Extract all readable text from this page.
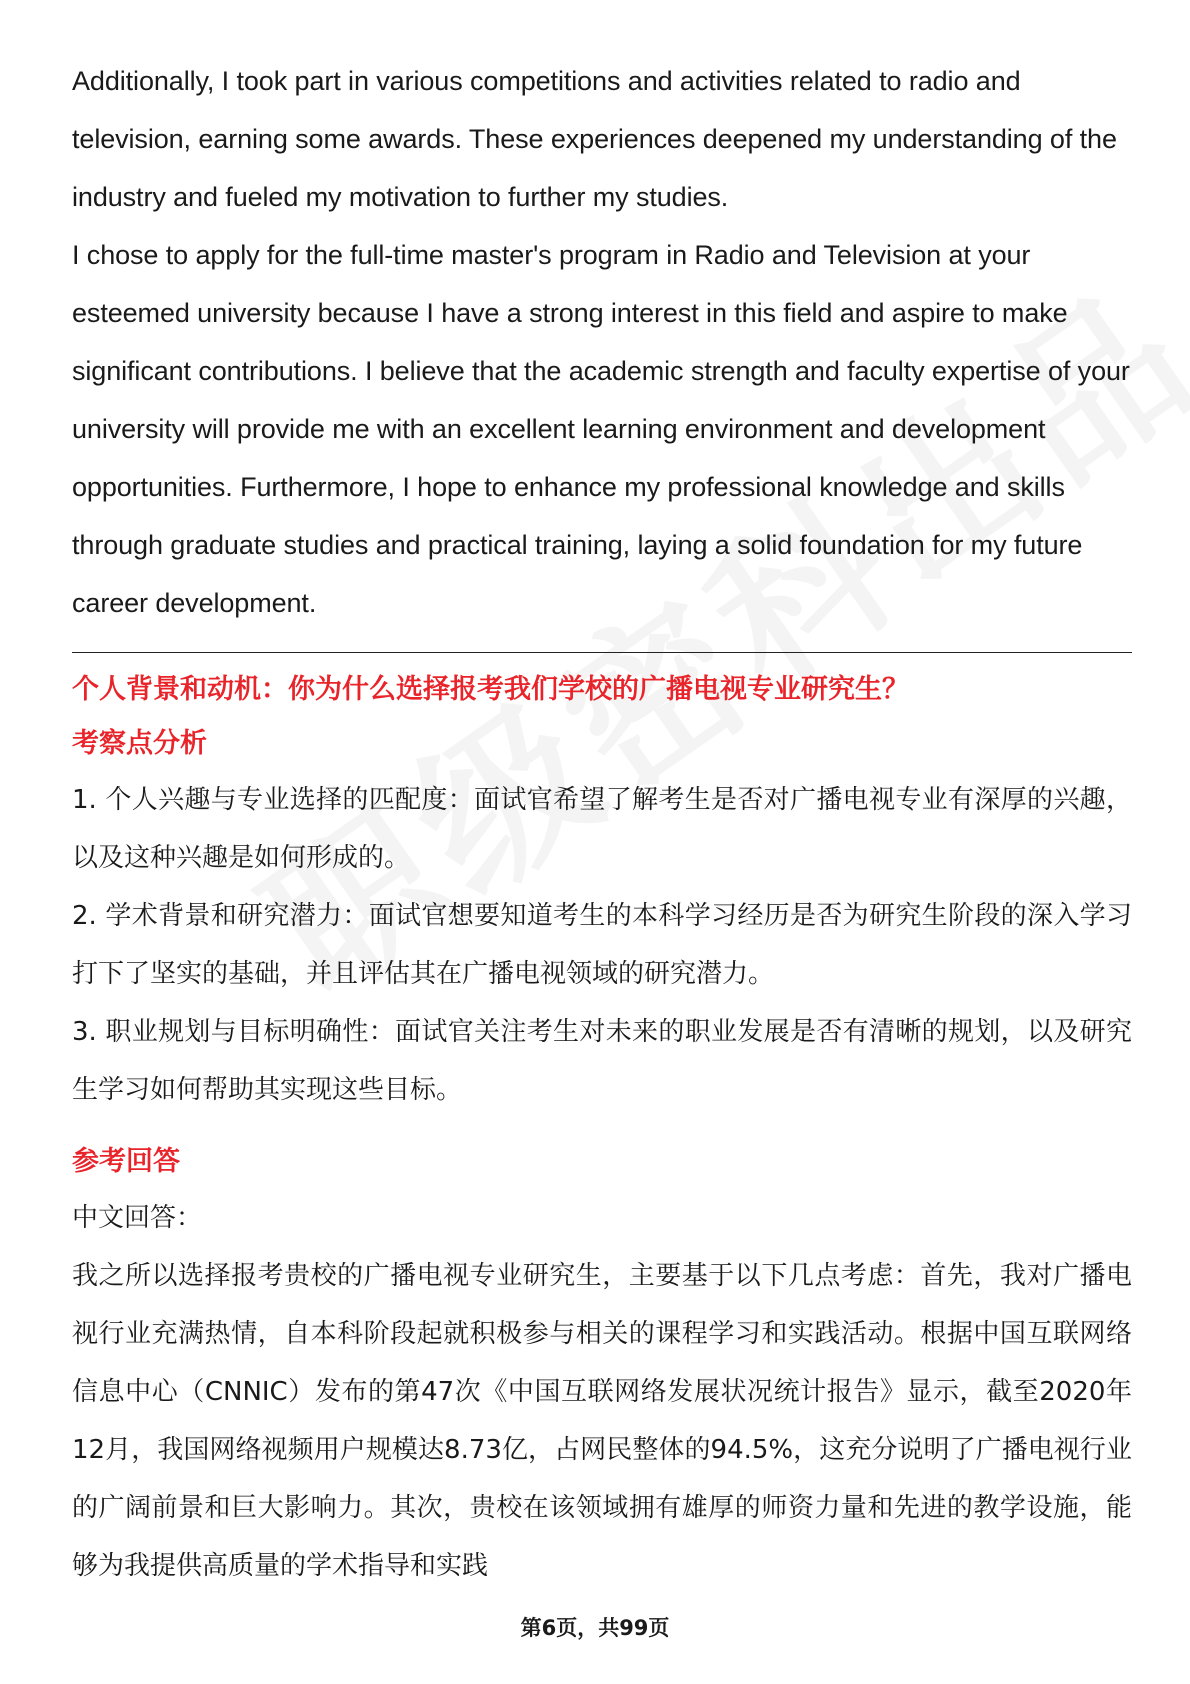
Additionally, I took part in various competitions and activities related to radio and television, earning some awards. These experiences deepened my understanding of the industry and fueled my motivation to further my studies.

I chose to apply for the full-time master's program in Radio and Television at your esteemed university because I have a strong interest in this field and aspire to make significant contributions. I believe that the academic strength and faculty expertise of your university will provide me with an excellent learning environment and development opportunities. Furthermore, I hope to enhance my professional knowledge and skills through graduate studies and practical training, laying a solid foundation for my future career development.

个人背景和动机：你为什么选择报考我们学校的广播电视专业研究生？

考察点分析

1. 个人兴趣与专业选择的匹配度：面试官希望了解考生是否对广播电视专业有深厚的兴趣，以及这种兴趣是如何形成的。

2. 学术背景和研究潜力：面试官想要知道考生的本科学习经历是否为研究生阶段的深入学习打下了坚实的基础，并且评估其在广播电视领域的研究潜力。

3. 职业规划与目标明确性：面试官关注考生对未来的职业发展是否有清晰的规划，以及研究生学习如何帮助其实现这些目标。

参考回答

中文回答：

我之所以选择报考贵校的广播电视专业研究生，主要基于以下几点考虑：首先，我对广播电视行业充满热情，自本科阶段起就积极参与相关的课程学习和实践活动。根据中国互联网络信息中心（CNNIC）发布的第47次《中国互联网络发展状况统计报告》显示，截至2020年12月，我国网络视频用户规模达8.73亿，占网民整体的94.5%，这充分说明了广播电视行业的广阔前景和巨大影响力。其次，贵校在该领域拥有雄厚的师资力量和先进的教学设施，能够为我提供高质量的学术指导和实践

第6页，共99页
